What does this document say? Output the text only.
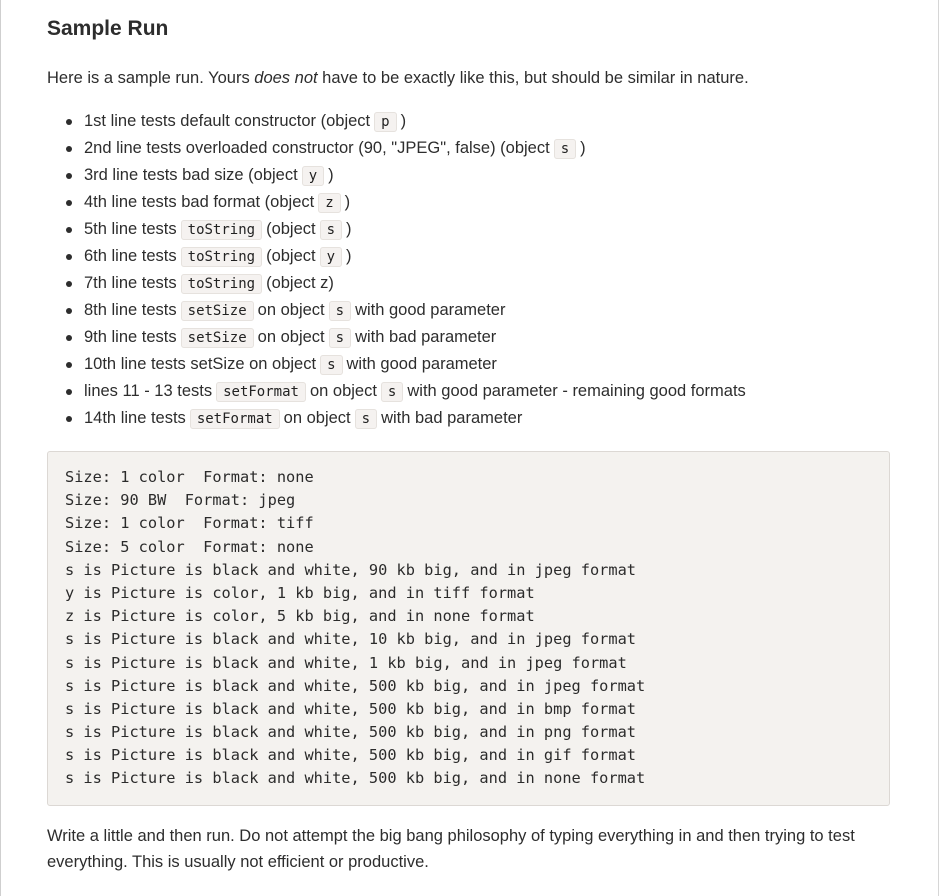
Sample Run

Here is a sample run. Yours does not have to be exactly like this, but should be similar in nature.

1st line tests default constructor (object p )
2nd line tests overloaded constructor (90, "JPEG", false) (object s )
3rd line tests bad size (object y )
4th line tests bad format (object z )
5th line tests toString (object s )
6th line tests toString (object y )
7th line tests toString (object z)
8th line tests setSize on object s with good parameter
9th line tests setSize on object s with bad parameter
10th line tests setSize on object s with good parameter
lines 11 - 13 tests setFormat on object s with good parameter - remaining good formats
14th line tests setFormat on object s with bad parameter
Size: 1 color  Format: none
Size: 90 BW  Format: jpeg
Size: 1 color  Format: tiff
Size: 5 color  Format: none
s is Picture is black and white, 90 kb big, and in jpeg format
y is Picture is color, 1 kb big, and in tiff format
z is Picture is color, 5 kb big, and in none format
s is Picture is black and white, 10 kb big, and in jpeg format
s is Picture is black and white, 1 kb big, and in jpeg format
s is Picture is black and white, 500 kb big, and in jpeg format
s is Picture is black and white, 500 kb big, and in bmp format
s is Picture is black and white, 500 kb big, and in png format
s is Picture is black and white, 500 kb big, and in gif format
s is Picture is black and white, 500 kb big, and in none format

Write a little and then run. Do not attempt the big bang philosophy of typing everything in and then trying to test everything. This is usually not efficient or productive.
